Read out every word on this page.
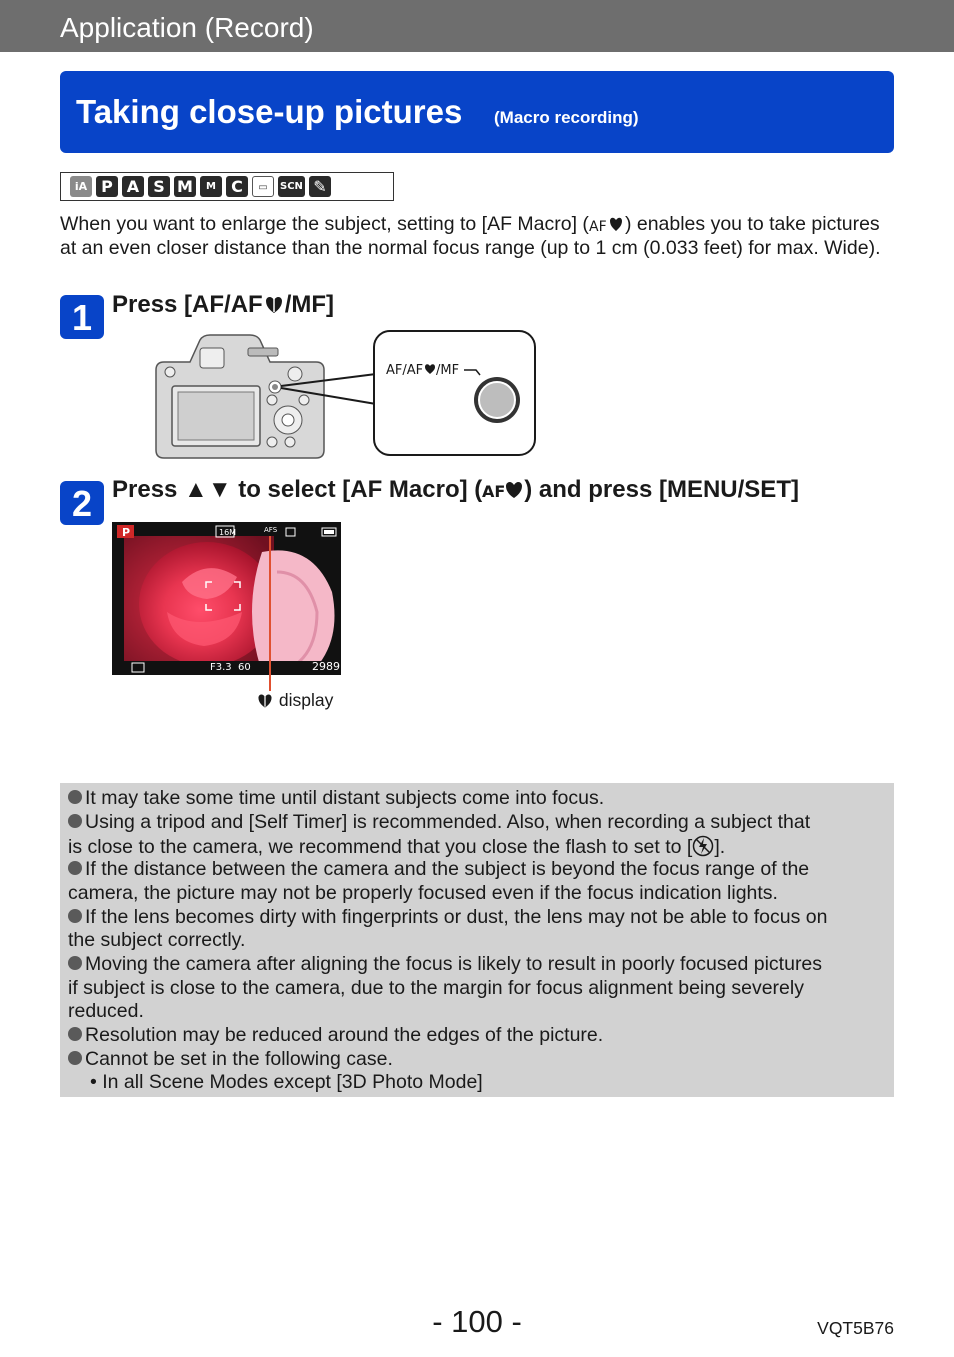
Application (Record)
Taking close-up pictures (Macro recording)
iA P A S M	M C	▭	SCN ✎
When you want to enlarge the subject, setting to [AF Macro] ( AF ) enables you to take pictures at an even closer distance than the normal focus range (up to 1 cm (0.033 feet) for max. Wide).
1 Press [AF/AF /MF]
AF/AF /MF
2 Press ▲▼ to select [AF Macro] ( AF ) and press [MENU/SET]
P	16M	AFS
F3.3 60	2989
display
It may take some time until distant subjects come into focus.
Using a tripod and [Self Timer] is recommended. Also, when recording a subject that
is close to the camera, we recommend that you close the flash to set to [ ].
If the distance between the camera and the subject is beyond the focus range of the
camera, the picture may not be properly focused even if the focus indication lights.
If the lens becomes dirty with fingerprints or dust, the lens may not be able to focus on
the subject correctly.
Moving the camera after aligning the focus is likely to result in poorly focused pictures
if subject is close to the camera, due to the margin for focus alignment being severely
reduced.
Resolution may be reduced around the edges of the picture.
Cannot be set in the following case.
• In all Scene Modes except [3D Photo Mode]
- 100 -	VQT5B76
